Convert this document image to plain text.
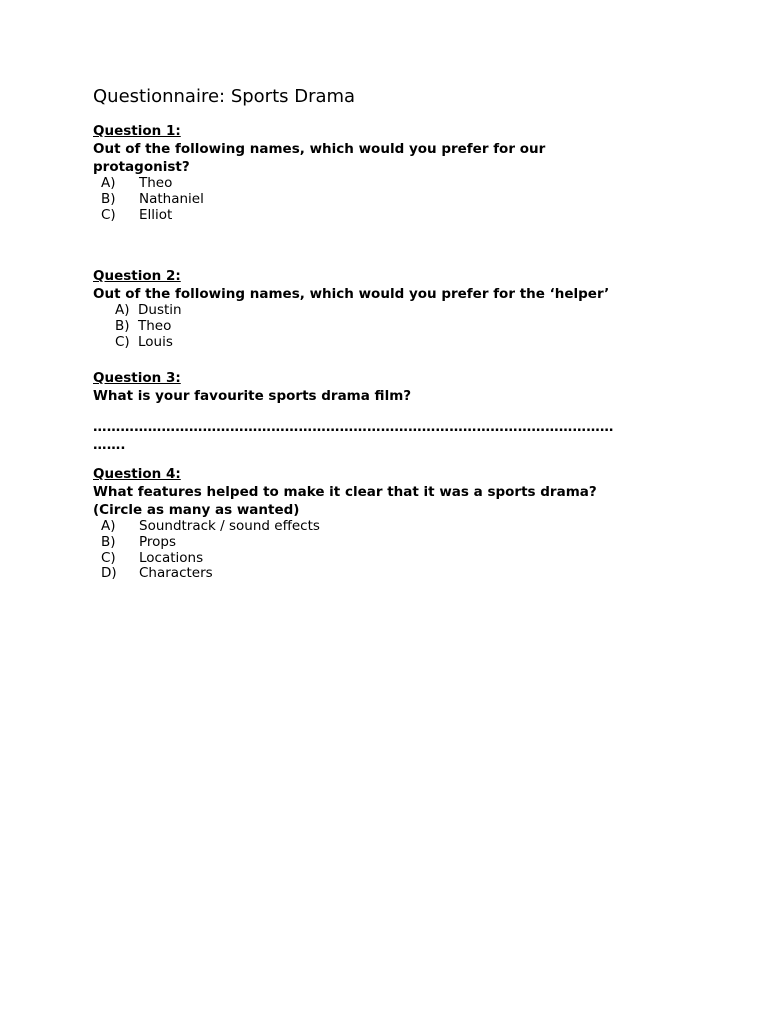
Questionnaire: Sports Drama
Question 1:
Out of the following names, which would you prefer for our protagonist?
A) Theo
B) Nathaniel
C) Elliot
Question 2:
Out of the following names, which would you prefer for the ‘helper’
A) Dustin
B) Theo
C) Louis
Question 3:
What is your favourite sports drama film?
……………………………………………………………………………………………………
…….
Question 4:
What features helped to make it clear that it was a sports drama? (Circle as many as wanted)
A) Soundtrack / sound effects
B) Props
C) Locations
D) Characters
